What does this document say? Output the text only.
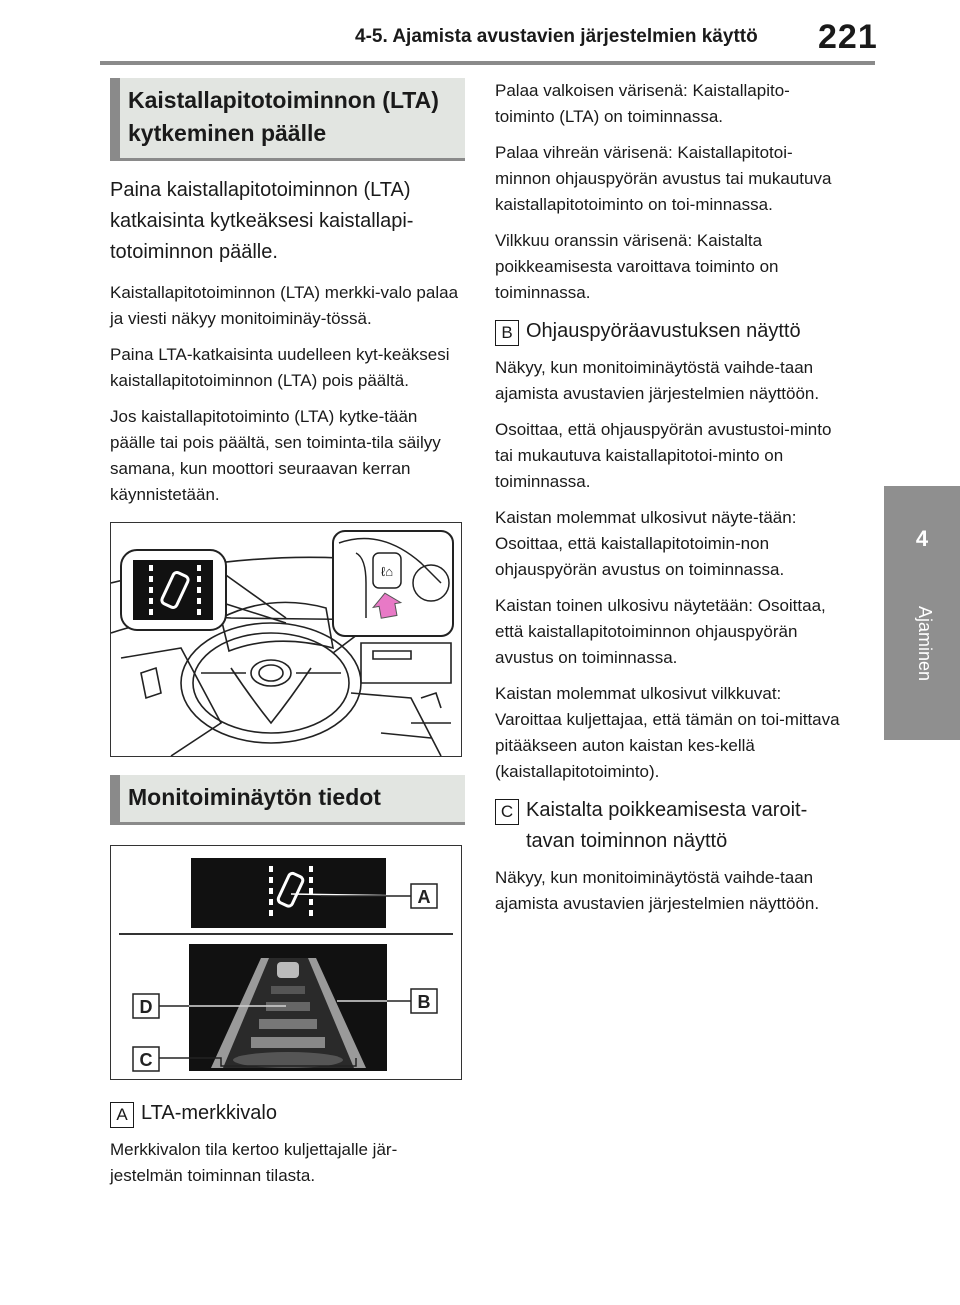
4-5. Ajamista avustavien järjestelmien käyttö 221
4
Ajaminen
Kaistallapitotoiminnon (LTA) kytkeminen päälle

Paina kaistallapitotoiminnon (LTA) katkaisinta kytkeäksesi kaistallapi-totoiminnon päälle.

Kaistallapitotoiminnon (LTA) merkki-valo palaa ja viesti näkyy monitoiminäy-tössä.

Paina LTA-katkaisinta uudelleen kyt-keäksesi kaistallapitotoiminnon (LTA) pois päältä.

Jos kaistallapitotoiminto (LTA) kytke-tään päälle tai pois päältä, sen toiminta-tila säilyy samana, kun moottori seuraavan kerran käynnistetään.

ℓ⌂
Monitoiminäytön tiedot
A
B
D
C
A LTA-merkkivalo

Merkkivalon tila kertoo kuljettajalle jär-jestelmän toiminnan tilasta.

Palaa valkoisen värisenä: Kaistallapito-toiminto (LTA) on toiminnassa.

Palaa vihreän värisenä: Kaistallapitotoi-minnon ohjauspyörän avustus tai mukautuva kaistallapitotoiminto on toi-minnassa.

Vilkkuu oranssin värisenä: Kaistalta poikkeamisesta varoittava toiminto on toiminnassa.

B Ohjauspyöräavustuksen näyttö

Näkyy, kun monitoiminäytöstä vaihde-taan ajamista avustavien järjestelmien näyttöön.

Osoittaa, että ohjauspyörän avustustoi-minto tai mukautuva kaistallapitotoi-minto on toiminnassa.

Kaistan molemmat ulkosivut näyte-tään: Osoittaa, että kaistallapitotoimin-non ohjauspyörän avustus on toiminnassa.

Kaistan toinen ulkosivu näytetään: Osoittaa, että kaistallapitotoiminnon ohjauspyörän avustus on toiminnassa.

Kaistan molemmat ulkosivut vilkkuvat: Varoittaa kuljettajaa, että tämän on toi-mittava pitääkseen auton kaistan kes-kellä (kaistallapitotoiminto).

C Kaistalta poikkeamisesta varoit-tavan toiminnon näyttö

Näkyy, kun monitoiminäytöstä vaihde-taan ajamista avustavien järjestelmien näyttöön.
